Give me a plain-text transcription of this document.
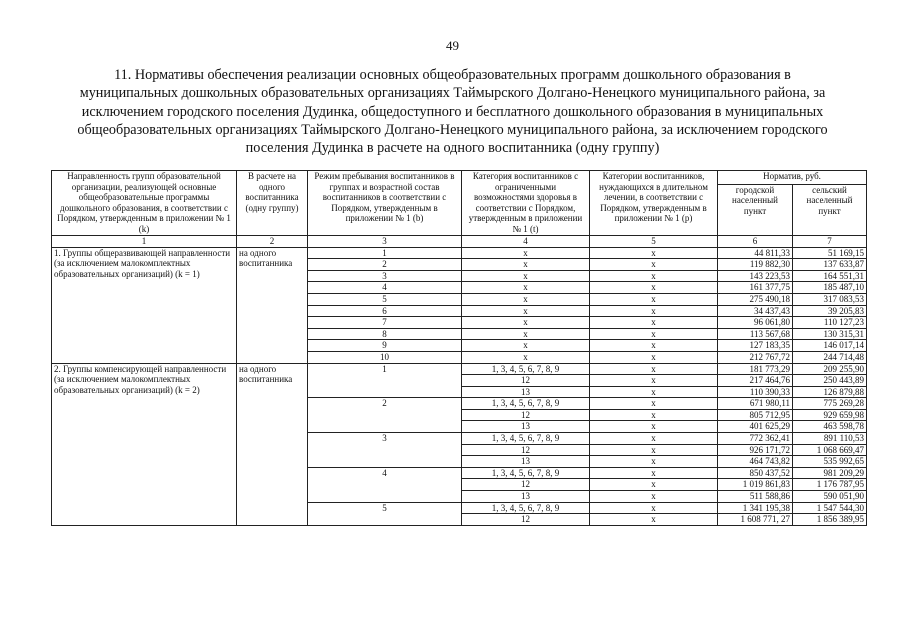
49
11. Нормативы обеспечения реализации основных общеобразовательных программ дошкольного образования в муниципальных дошкольных образовательных организациях Таймырского Долгано-Ненецкого муниципального района, за исключением городского поселения Дудинка, общедоступного и бесплатного дошкольного образования в муниципальных общеобразовательных организациях Таймырского Долгано-Ненецкого муниципального района, за исключением городского поселения Дудинка в расчете на одного воспитанника (одну группу)
Направленность групп образовательной организации, реализующей основные общеобразовательные программы дошкольного образования, в соответствии с Порядком, утвержденным в приложении № 1 (k)	В расчете на одного воспитанника (одну группу)	Режим пребывания воспитанников в группах и возрастной состав воспитанников в соответствии с Порядком, утвержденным в приложении № 1 (b)	Категория воспитанников с ограниченными возможностями здоровья в соответствии с Порядком, утвержденным в приложении № 1 (t)	Категории воспитанников, нуждающихся в длительном лечении, в соответствии с Порядком, утвержденным в приложении № 1 (p)	Норматив, руб.	
					городской населенный пункт	сельский населенный пункт
1	2	3	4	5	6	7
1. Группы общеразвивающей направленности (за исключением малокомплектных образовательных организаций) (k = 1)	на одного воспитанника	1	х	х	44 811,33	51 169,15
		2	х	х	119 882,30	137 633,87
		3	х	х	143 223,53	164 551,31
		4	х	х	161 377,75	185 487,10
		5	х	х	275 490,18	317 083,53
		6	х	х	34 437,43	39 205,83
		7	х	х	96 061,80	110 127,23
		8	х	х	113 567,68	130 315,31
		9	х	х	127 183,35	146 017,14
		10	х	х	212 767,72	244 714,48
2. Группы компенсирующей направленности (за исключением малокомплектных образовательных организаций) (k = 2)	на одного воспитанника	1	1, 3, 4, 5, 6, 7, 8, 9	х	181 773,29	209 255,90
			12	х	217 464,76	250 443,89
			13	х	110 390,33	126 879,88
		2	1, 3, 4, 5, 6, 7, 8, 9	х	671 980,11	775 269,28
			12	х	805 712,95	929 659,98
			13	х	401 625,29	463 598,78
		3	1, 3, 4, 5, 6, 7, 8, 9	х	772 362,41	891 110,53
			12	х	926 171,72	1 068 669,47
			13	х	464 743,82	535 992,65
		4	1, 3, 4, 5, 6, 7, 8, 9	х	850 437,52	981 209,29
			12	х	1 019 861,83	1 176 787,95
			13	х	511 588,86	590 051,90
		5	1, 3, 4, 5, 6, 7, 8, 9	х	1 341 195,38	1 547 544,30
			12	х	1 608 771, 27	1 856 389,95
